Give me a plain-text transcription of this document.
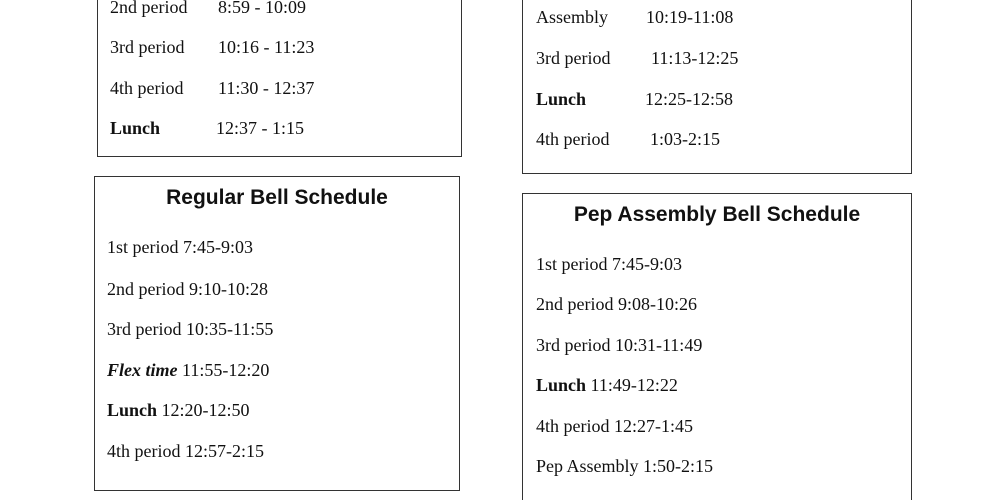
2nd period 8:59 - 10:09
3rd period 10:16 - 11:23
4th period 11:30 - 12:37
Lunch	12:37 - 1:15
Assembly 10:19-11:08
3rd period 11:13-12:25
Lunch	12:25-12:58
4th period 1:03-2:15
Regular Bell Schedule
1st period 7:45-9:03
2nd period 9:10-10:28
3rd period 10:35-11:55
Flex time 11:55-12:20
Lunch 12:20-12:50
4th period 12:57-2:15
Pep Assembly Bell Schedule
1st period 7:45-9:03
2nd period 9:08-10:26
3rd period 10:31-11:49
Lunch 11:49-12:22
4th period 12:27-1:45
Pep Assembly 1:50-2:15
